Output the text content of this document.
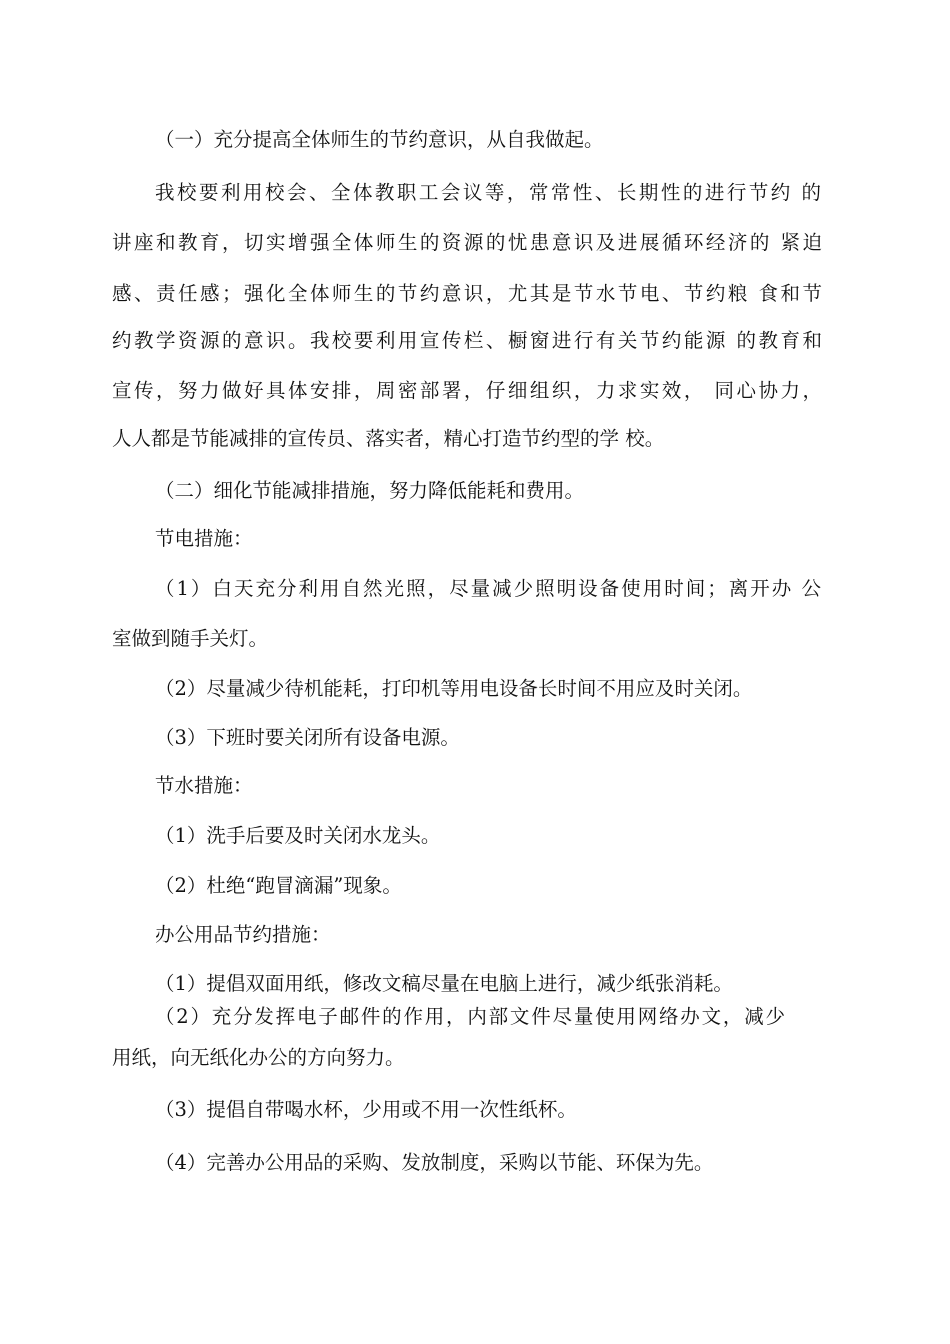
（一）充分提高全体师生的节约意识，从自我做起。
我校要利用校会、全体教职工会议等，常常性、长期性的进行节约 的
讲座和教育，切实增强全体师生的资源的忧患意识及进展循环经济的 紧迫
感、责任感；强化全体师生的节约意识，尤其是节水节电、节约粮 食和节
约教学资源的意识。我校要利用宣传栏、橱窗进行有关节约能源 的教育和
宣传，努力做好具体安排，周密部署，仔细组织，力求实效， 同心协力，
人人都是节能减排的宣传员、落实者，精心打造节约型的学 校。
（二）细化节能减排措施，努力降低能耗和费用。
节电措施：
（1）白天充分利用自然光照，尽量减少照明设备使用时间；离开办 公
室做到随手关灯。
（2）尽量减少待机能耗，打印机等用电设备长时间不用应及时关闭。
（3）下班时要关闭所有设备电源。
节水措施：
（1）洗手后要及时关闭水龙头。
（2）杜绝“跑冒滴漏”现象。
办公用品节约措施：
（1）提倡双面用纸，修改文稿尽量在电脑上进行，减少纸张消耗。
（2）充分发挥电子邮件的作用，内部文件尽量使用网络办文，减少
用纸，向无纸化办公的方向努力。
（3）提倡自带喝水杯，少用或不用一次性纸杯。
（4）完善办公用品的采购、发放制度，采购以节能、环保为先。
